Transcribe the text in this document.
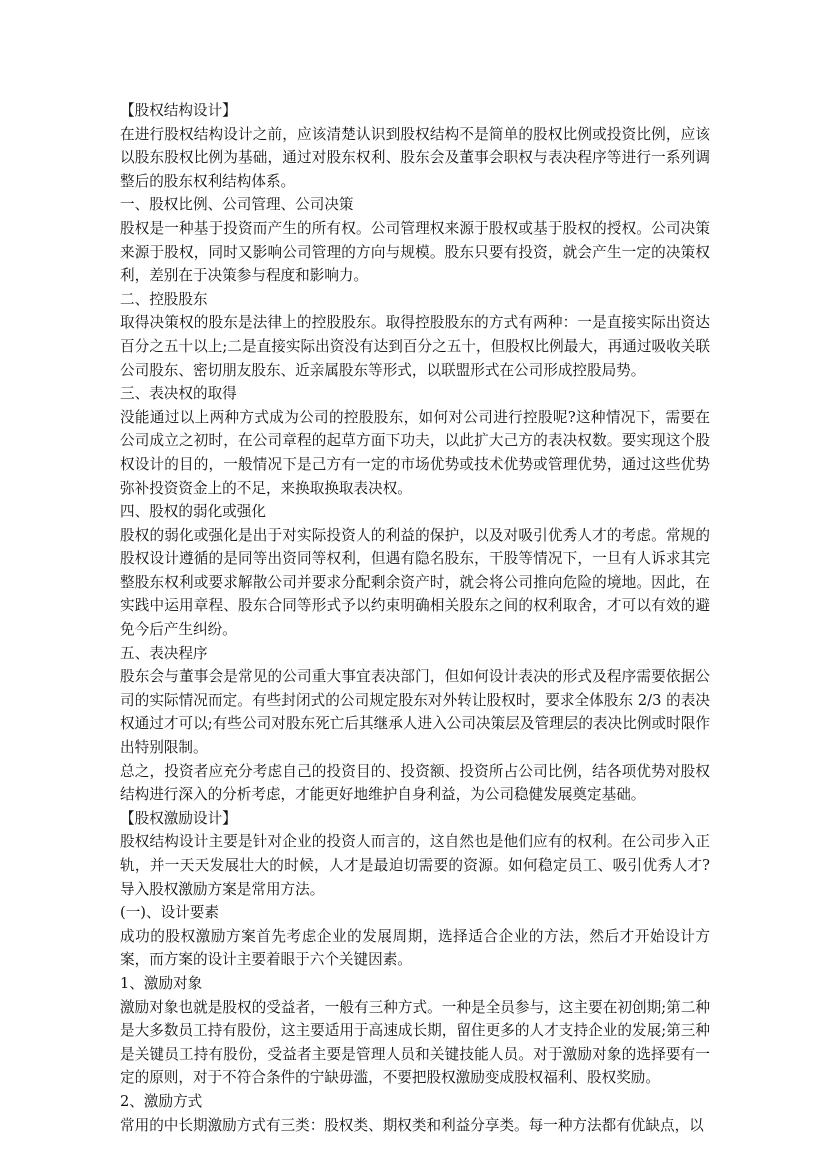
【股权结构设计】

在进行股权结构设计之前，应该清楚认识到股权结构不是简单的股权比例或投资比例，应该以股东股权比例为基础，通过对股东权利、股东会及董事会职权与表决程序等进行一系列调整后的股东权利结构体系。

一、股权比例、公司管理、公司决策

股权是一种基于投资而产生的所有权。公司管理权来源于股权或基于股权的授权。公司决策来源于股权，同时又影响公司管理的方向与规模。股东只要有投资，就会产生一定的决策权利，差别在于决策参与程度和影响力。

二、控股股东

取得决策权的股东是法律上的控股股东。取得控股股东的方式有两种：一是直接实际出资达百分之五十以上;二是直接实际出资没有达到百分之五十，但股权比例最大，再通过吸收关联公司股东、密切朋友股东、近亲属股东等形式，以联盟形式在公司形成控股局势。

三、表决权的取得

没能通过以上两种方式成为公司的控股股东，如何对公司进行控股呢?这种情况下，需要在公司成立之初时，在公司章程的起草方面下功夫，以此扩大己方的表决权数。要实现这个股权设计的目的，一般情况下是己方有一定的市场优势或技术优势或管理优势，通过这些优势弥补投资资金上的不足，来换取换取表决权。

四、股权的弱化或强化

股权的弱化或强化是出于对实际投资人的利益的保护，以及对吸引优秀人才的考虑。常规的股权设计遵循的是同等出资同等权利，但遇有隐名股东，干股等情况下，一旦有人诉求其完整股东权利或要求解散公司并要求分配剩余资产时，就会将公司推向危险的境地。因此，在实践中运用章程、股东合同等形式予以约束明确相关股东之间的权利取舍，才可以有效的避免今后产生纠纷。

五、表决程序

股东会与董事会是常见的公司重大事宜表决部门，但如何设计表决的形式及程序需要依据公司的实际情况而定。有些封闭式的公司规定股东对外转让股权时，要求全体股东 2/3 的表决权通过才可以;有些公司对股东死亡后其继承人进入公司决策层及管理层的表决比例或时限作出特别限制。

总之，投资者应充分考虑自己的投资目的、投资额、投资所占公司比例，结各项优势对股权结构进行深入的分析考虑，才能更好地维护自身利益，为公司稳健发展奠定基础。

【股权激励设计】

股权结构设计主要是针对企业的投资人而言的，这自然也是他们应有的权利。在公司步入正轨，并一天天发展壮大的时候，人才是最迫切需要的资源。如何稳定员工、吸引优秀人才?导入股权激励方案是常用方法。

(一)、设计要素

成功的股权激励方案首先考虑企业的发展周期，选择适合企业的方法，然后才开始设计方案，而方案的设计主要着眼于六个关键因素。

1、激励对象

激励对象也就是股权的受益者，一般有三种方式。一种是全员参与，这主要在初创期;第二种是大多数员工持有股份，这主要适用于高速成长期，留住更多的人才支持企业的发展;第三种是关键员工持有股份，受益者主要是管理人员和关键技能人员。对于激励对象的选择要有一定的原则，对于不符合条件的宁缺毋滥，不要把股权激励变成股权福利、股权奖励。

2、激励方式

常用的中长期激励方式有三类：股权类、期权类和利益分享类。每一种方法都有优缺点，以
